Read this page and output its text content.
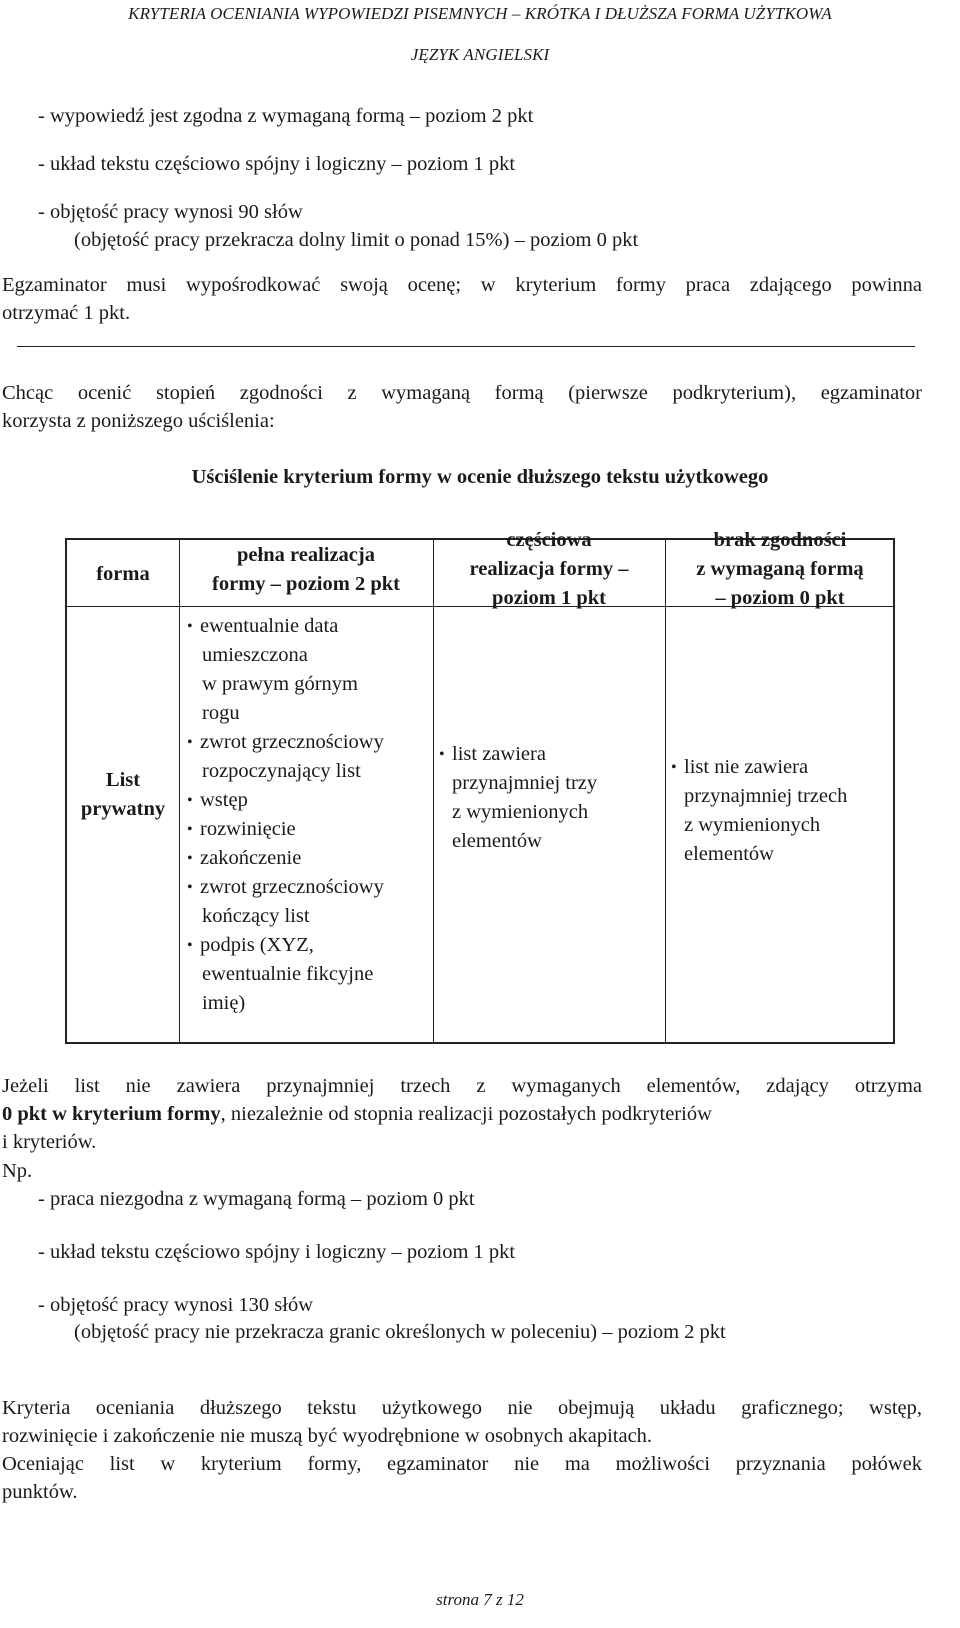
KRYTERIA OCENIANIA WYPOWIEDZI PISEMNYCH – KRÓTKA I DŁUŻSZA FORMA UŻYTKOWA
JĘZYK ANGIELSKI
- wypowiedź jest zgodna z wymaganą formą – poziom 2 pkt
- układ tekstu częściowo spójny i logiczny – poziom 1 pkt
- objętość pracy wynosi 90 słów
(objętość pracy przekracza dolny limit o ponad 15%) – poziom 0 pkt
Egzaminator musi wypośrodkować swoją ocenę; w kryterium formy praca zdającego powinna
otrzymać 1 pkt.
Chcąc ocenić stopień zgodności z wymaganą formą (pierwsze podkryterium), egzaminator
korzysta z poniższego uściślenia:
Uściślenie kryterium formy w ocenie dłuższego tekstu użytkowego
forma
pełna realizacja
formy – poziom 2 pkt
częściowa
realizacja formy –
poziom 1 pkt
brak zgodności
z wymaganą formą
– poziom 0 pkt
List
prywatny
• ewentualnie data
umieszczona
w prawym górnym
rogu
• zwrot grzecznościowy
rozpoczynający list
• wstęp
• rozwinięcie
• zakończenie
• zwrot grzecznościowy
kończący list
• podpis (XYZ,
ewentualnie fikcyjne
imię)
• list zawiera
przynajmniej trzy
z wymienionych
elementów
• list nie zawiera
przynajmniej trzech
z wymienionych
elementów
Jeżeli list nie zawiera przynajmniej trzech z wymaganych elementów, zdający otrzyma
0 pkt w kryterium formy, niezależnie od stopnia realizacji pozostałych podkryteriów
i kryteriów.
Np.
- praca niezgodna z wymaganą formą – poziom 0 pkt
- układ tekstu częściowo spójny i logiczny – poziom 1 pkt
- objętość pracy wynosi 130 słów
(objętość pracy nie przekracza granic określonych w poleceniu) – poziom 2 pkt
Kryteria oceniania dłuższego tekstu użytkowego nie obejmują układu graficznego; wstęp,
rozwinięcie i zakończenie nie muszą być wyodrębnione w osobnych akapitach.
Oceniając list w kryterium formy, egzaminator nie ma możliwości przyznania połówek
punktów.
strona 7 z 12
